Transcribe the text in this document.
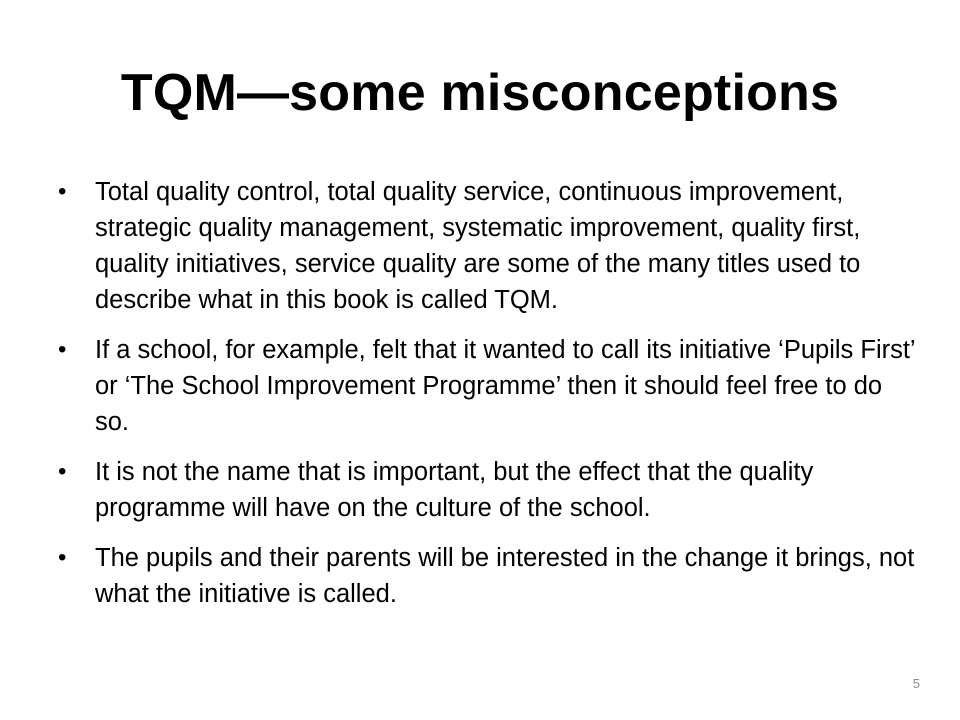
TQM—some misconceptions
•	Total quality control, total quality service, continuous improvement, strategic quality management, systematic improvement, quality first, quality initiatives, service quality are some of the many titles used to describe what in this book is called TQM.
•	If a school, for example, felt that it wanted to call its initiative ‘Pupils First’ or ‘The School Improvement Programme’ then it should feel free to do so.
•	It is not the name that is important, but the effect that the quality programme will have on the culture of the school.
•	The pupils and their parents will be interested in the change it brings, not what the initiative is called.
5
